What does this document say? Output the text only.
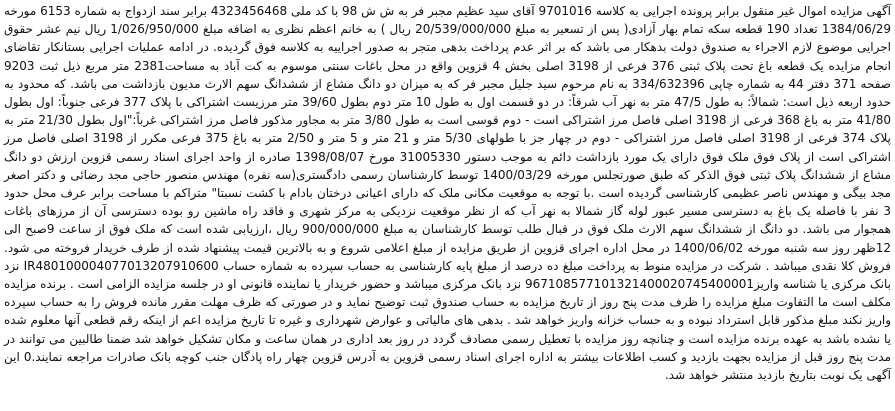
آگهی مزایده اموال غیر منقول برابر پرونده اجرایی به کلاسه 9701016 آقای سید عظیم مجبر فر به ش ش 98 با کد ملی 4323456468 برابر سند ازدواج به شماره 6153 مورخه 1384/06/29 تعداد 190 قطعه سکه تمام بهار آزادی( پس از تسعیر به مبلغ 20/539/000/000 ریال ) به خانم اعظم نظری به اضافه مبلغ 1/026/950/000 ریال نیم عشر حقوق اجرایی موضوع لازم الاجراء به صندوق دولت بدهکار می باشد که بر اثر عدم پرداخت بدهی متجر به صدور اجراییه به کلاسه فوق گردیده. در ادامه عملیات اجرایی بستانکار تقاضای انجام مزایده یک قطعه باغ تحت پلاک ثبتی 376 فرعی از 3198 اصلی بخش 4 قزوین واقع در محل باغات سنتی موسوم به کت آباد به مساحت2381 متر مربع ذیل ثبت 9203 صفحه 371 دفتر 44 به شماره چاپی 334/632396 به نام مرحوم سید جلیل مجبر فر که به میزان دو دانگ مشاع از ششدانگ سهم الارث مدیون بازداشت می باشد. که محدود به حدود اربعه ذیل است: شمالاً: به طول 47/5 متر به نهر آب شرقاً: در دو قسمت اول به طول 10 متر دوم بطول 39/60 متر مرزیست اشتراکی با پلاک 377 فرعی جنوباً: اول بطول 41/80 متر به باغ 368 فرعی از 3198 اصلی فاصل مرز اشتراکی است - دوم قوسی است به طول 3/80 متر به مجاور مذکور فاصل مرز اشتراکی غرباً:"اول بطول 21/30 متر به پلاک 374 فرعی از 3198 اصلی فاصل مرز اشتراکی - دوم در چهار جز با طولهای 5/30 متر و 21 متر و 5 متر و 2/50 متر به باغ 375 فرعی مکرر از 3198 اصلی فاصل مرز اشتراکی است از پلاک فوق ملک فوق دارای یک مورد بازداشت دائم به موجب دستور 31005330 مورخ 1398/08/07 صادره از واحد اجرای اسناد رسمی قزوین ارزش دو دانگ مشاع از ششدانگ پلاک ثبتی فوق الذکر که طبق صورتجلس مورخه 1400/03/29 توسط کارشناسان رسمی دادگستری(سه نفره) مهندس منصور حاجی مجد رضائی و دکتر اصغر مجد بیگی و مهندس ناصر عظیمی کارشناسی گردیده است .با توجه به موقعیت مکانی ملک که دارای اعیانی درختان بادام با کشت نسبتا" متراکم با مساحت برابر عرف محل حدود 3 نفر با فاصله یک باغ به دسترسی مسیر عبور لوله گاز شمالا به نهر آب که از نظر موقعیت نزدیکی به مرکز شهری و فاقد راه ماشین رو بوده دسترسی آن از مرزهای باغات همجوار می باشد. دو دانگ از ششدانگ سهم الارث ملک فوق در قبال طلب توسط کارشناسان به مبلغ 900/000/000 ریال ،ارزیابی شده است که ملک فوق از ساعت 9صبح الی 12ظهر روز سه شنبه مورخه 1400/06/02 در محل اداره اجرای قزوین از طریق مزایده از مبلغ اعلامی شروع و به بالاترین قیمت پیشنهاد شده از طرف خریدار فروخته می شود. فروش کلا نقدی میباشد . شرکت در مزایده منوط به پرداخت مبلغ ده درصد از مبلغ پایه کارشناسی به حساب سپرده به شماره حساب IR480100004077013207910600 نزد بانک مرکزی یا شناسه واریز967108577101321400020745400001 نزد بانک مرکزی میباشد و حضور خریدار یا نماینده قانونی او در جلسه مزایده الزامی است . برنده مزایده مکلف است ما التفاوت مبلغ مزایده را ظرف مدت پنج روز از تاریخ مزایده به حساب صندوق ثبت توضیح نماید و در صورتی که ظرف مهلت مقرر مانده فروش را به حساب سپرده واریز نکند مبلغ مذکور قابل استرداد نبوده و به حساب خزانه واریز خواهد شد . بدهی های مالیاتی و عوارض شهرداری و غیره تا تاریخ مزایده اعم از اینکه رقم قطعی آنها معلوم شده یا نشده باشد به عهده برنده مزایده است و چنانچه روز مزایده با تعطیل رسمی مصادف گردد در روز بعد اداری در همان ساعت و مکان تشکیل خواهد شد ضمنا طالبین می توانند در مدت پنج روز قبل از مزایده بجهت بازدید و کسب اطلاعات بیشتر به اداره اجرای اسناد رسمی قزوین به آدرس قزوین چهار راه پادگان جنب کوچه بانک صادرات مراجعه نمایند.0 این آگهی یک نوبت بتاریخ بازدید منتشر خواهد شد.
